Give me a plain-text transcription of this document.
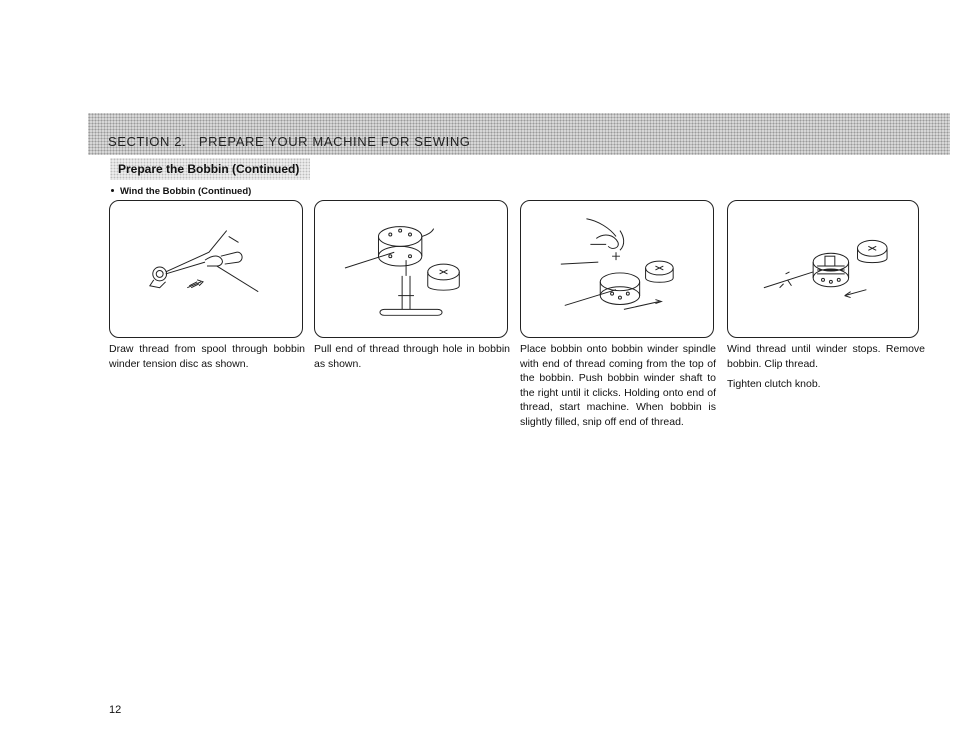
SECTION 2.   PREPARE YOUR MACHINE FOR SEWING
Prepare the Bobbin (Continued)
Wind the Bobbin (Continued)

Draw thread from spool through bobbin winder tension disc as shown.

Pull end of thread through hole in bobbin as shown.

Place bobbin onto bobbin winder spindle with end of thread coming from the top of the bobbin. Push bobbin winder shaft to the right until it clicks. Holding onto end of thread, start machine. When bobbin is slightly filled, snip off end of thread.

Wind thread until winder stops. Remove bobbin. Clip thread.

Tighten clutch knob.

12
